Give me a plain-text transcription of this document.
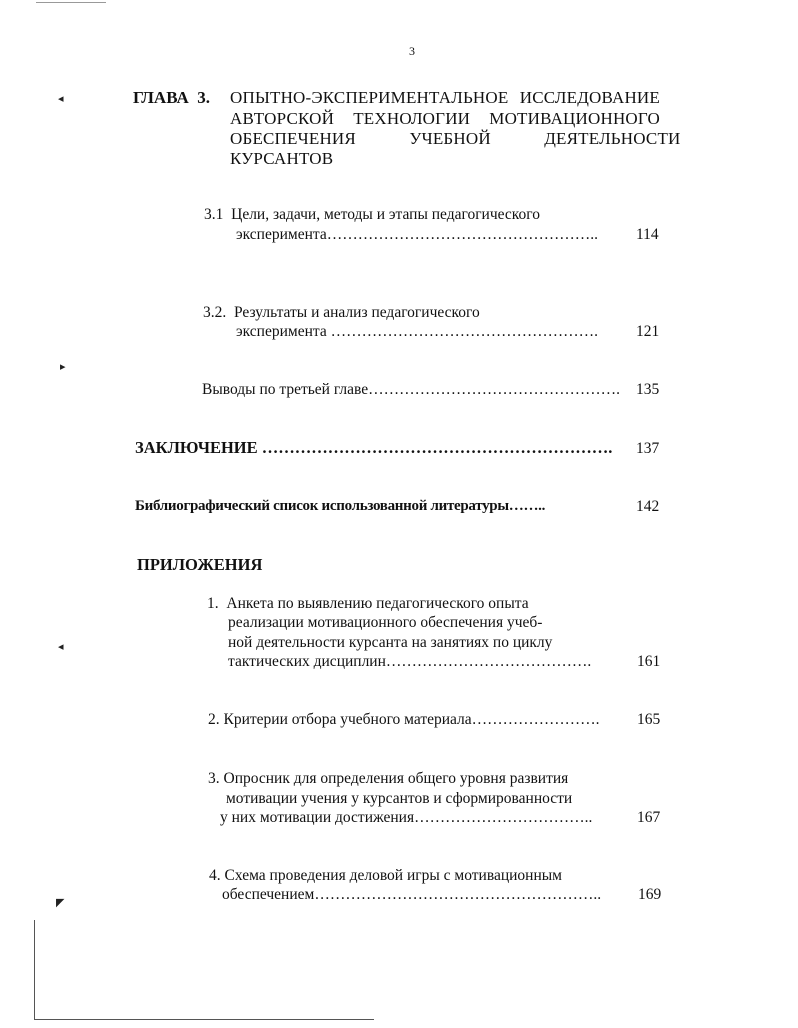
◂
▸
◂
◤
3
ГЛАВА  3. ОПЫТНО-ЭКСПЕРИМЕНТАЛЬНОЕ ИССЛЕДОВАНИЕ
АВТОРСКОЙ ТЕХНОЛОГИИ МОТИВАЦИОННОГО
ОБЕСПЕЧЕНИЯ            УЧЕБНОЙ            ДЕЯТЕЛЬНОСТИ
КУРСАНТОВ
3.1  Цели, задачи, методы и этапы педагогического
эксперимента…………………………………………….. 114
3.2.  Результаты и анализ педагогического
эксперимента ……………………………………………. 121
Выводы по третьей главе…………………………………………. 135
ЗАКЛЮЧЕНИЕ ………………………………………………………. 137
Библиографический список использованной литературы……..	142
ПРИЛОЖЕНИЯ
1.  Анкета по выявлению педагогического опыта
реализации мотивационного обеспечения учеб-
ной деятельности курсанта на занятиях по циклу
тактических дисциплин………………………………….	161
2. Критерии отбора учебного материала……………………. 165
3. Опросник для определения общего уровня развития
мотивации учения у курсантов и сформированности
у них мотивации достижения……………………………..	167
4. Схема проведения деловой игры с мотивационным
обеспечением……………………………………………….. 169
